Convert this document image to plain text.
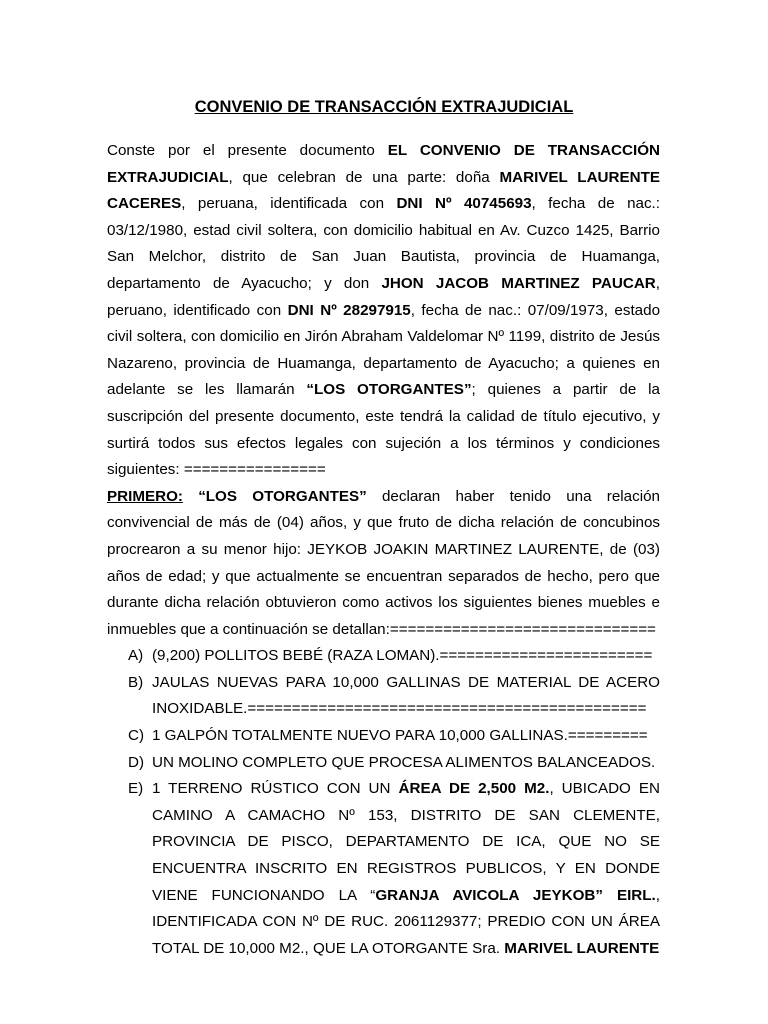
CONVENIO DE TRANSACCIÓN EXTRAJUDICIAL

Conste por el presente documento EL CONVENIO DE TRANSACCIÓN EXTRAJUDICIAL, que celebran de una parte: doña MARIVEL LAURENTE CACERES, peruana, identificada con DNI Nº 40745693, fecha de nac.: 03/12/1980, estad civil soltera, con domicilio habitual en Av. Cuzco 1425, Barrio San Melchor, distrito de San Juan Bautista, provincia de Huamanga, departamento de Ayacucho; y don JHON JACOB MARTINEZ PAUCAR, peruano, identificado con DNI Nº 28297915, fecha de nac.: 07/09/1973, estado civil soltera, con domicilio en Jirón Abraham Valdelomar Nº 1199, distrito de Jesús Nazareno, provincia de Huamanga, departamento de Ayacucho; a quienes en adelante se les llamarán “LOS OTORGANTES”; quienes a partir de la suscripción del presente documento, este tendrá la calidad de título ejecutivo, y surtirá todos sus efectos legales con sujeción a los términos y condiciones siguientes: ================

PRIMERO: “LOS OTORGANTES” declaran haber tenido una relación convivencial de más de (04) años, y que fruto de dicha relación de concubinos procrearon a su menor hijo: JEYKOB JOAKIN MARTINEZ LAURENTE, de (03) años de edad; y que actualmente se encuentran separados de hecho, pero que durante dicha relación obtuvieron como activos los siguientes bienes muebles e inmuebles que a continuación se detallan:==============================

A) (9,200) POLLITOS BEBÉ (RAZA LOMAN).========================
B) JAULAS NUEVAS PARA 10,000 GALLINAS DE MATERIAL DE ACERO INOXIDABLE.=============================================
C) 1 GALPÓN TOTALMENTE NUEVO PARA 10,000 GALLINAS.=========
D) UN MOLINO COMPLETO QUE PROCESA ALIMENTOS BALANCEADOS.
E) 1 TERRENO RÚSTICO CON UN ÁREA DE 2,500 M2., UBICADO EN CAMINO A CAMACHO Nº 153, DISTRITO DE SAN CLEMENTE, PROVINCIA DE PISCO, DEPARTAMENTO DE ICA, QUE NO SE ENCUENTRA INSCRITO EN REGISTROS PUBLICOS, Y EN DONDE VIENE FUNCIONANDO LA “GRANJA AVICOLA JEYKOB” EIRL., IDENTIFICADA CON Nº DE RUC. 2061129377; PREDIO CON UN ÁREA TOTAL DE 10,000 M2., QUE LA OTORGANTE Sra. MARIVEL LAURENTE
